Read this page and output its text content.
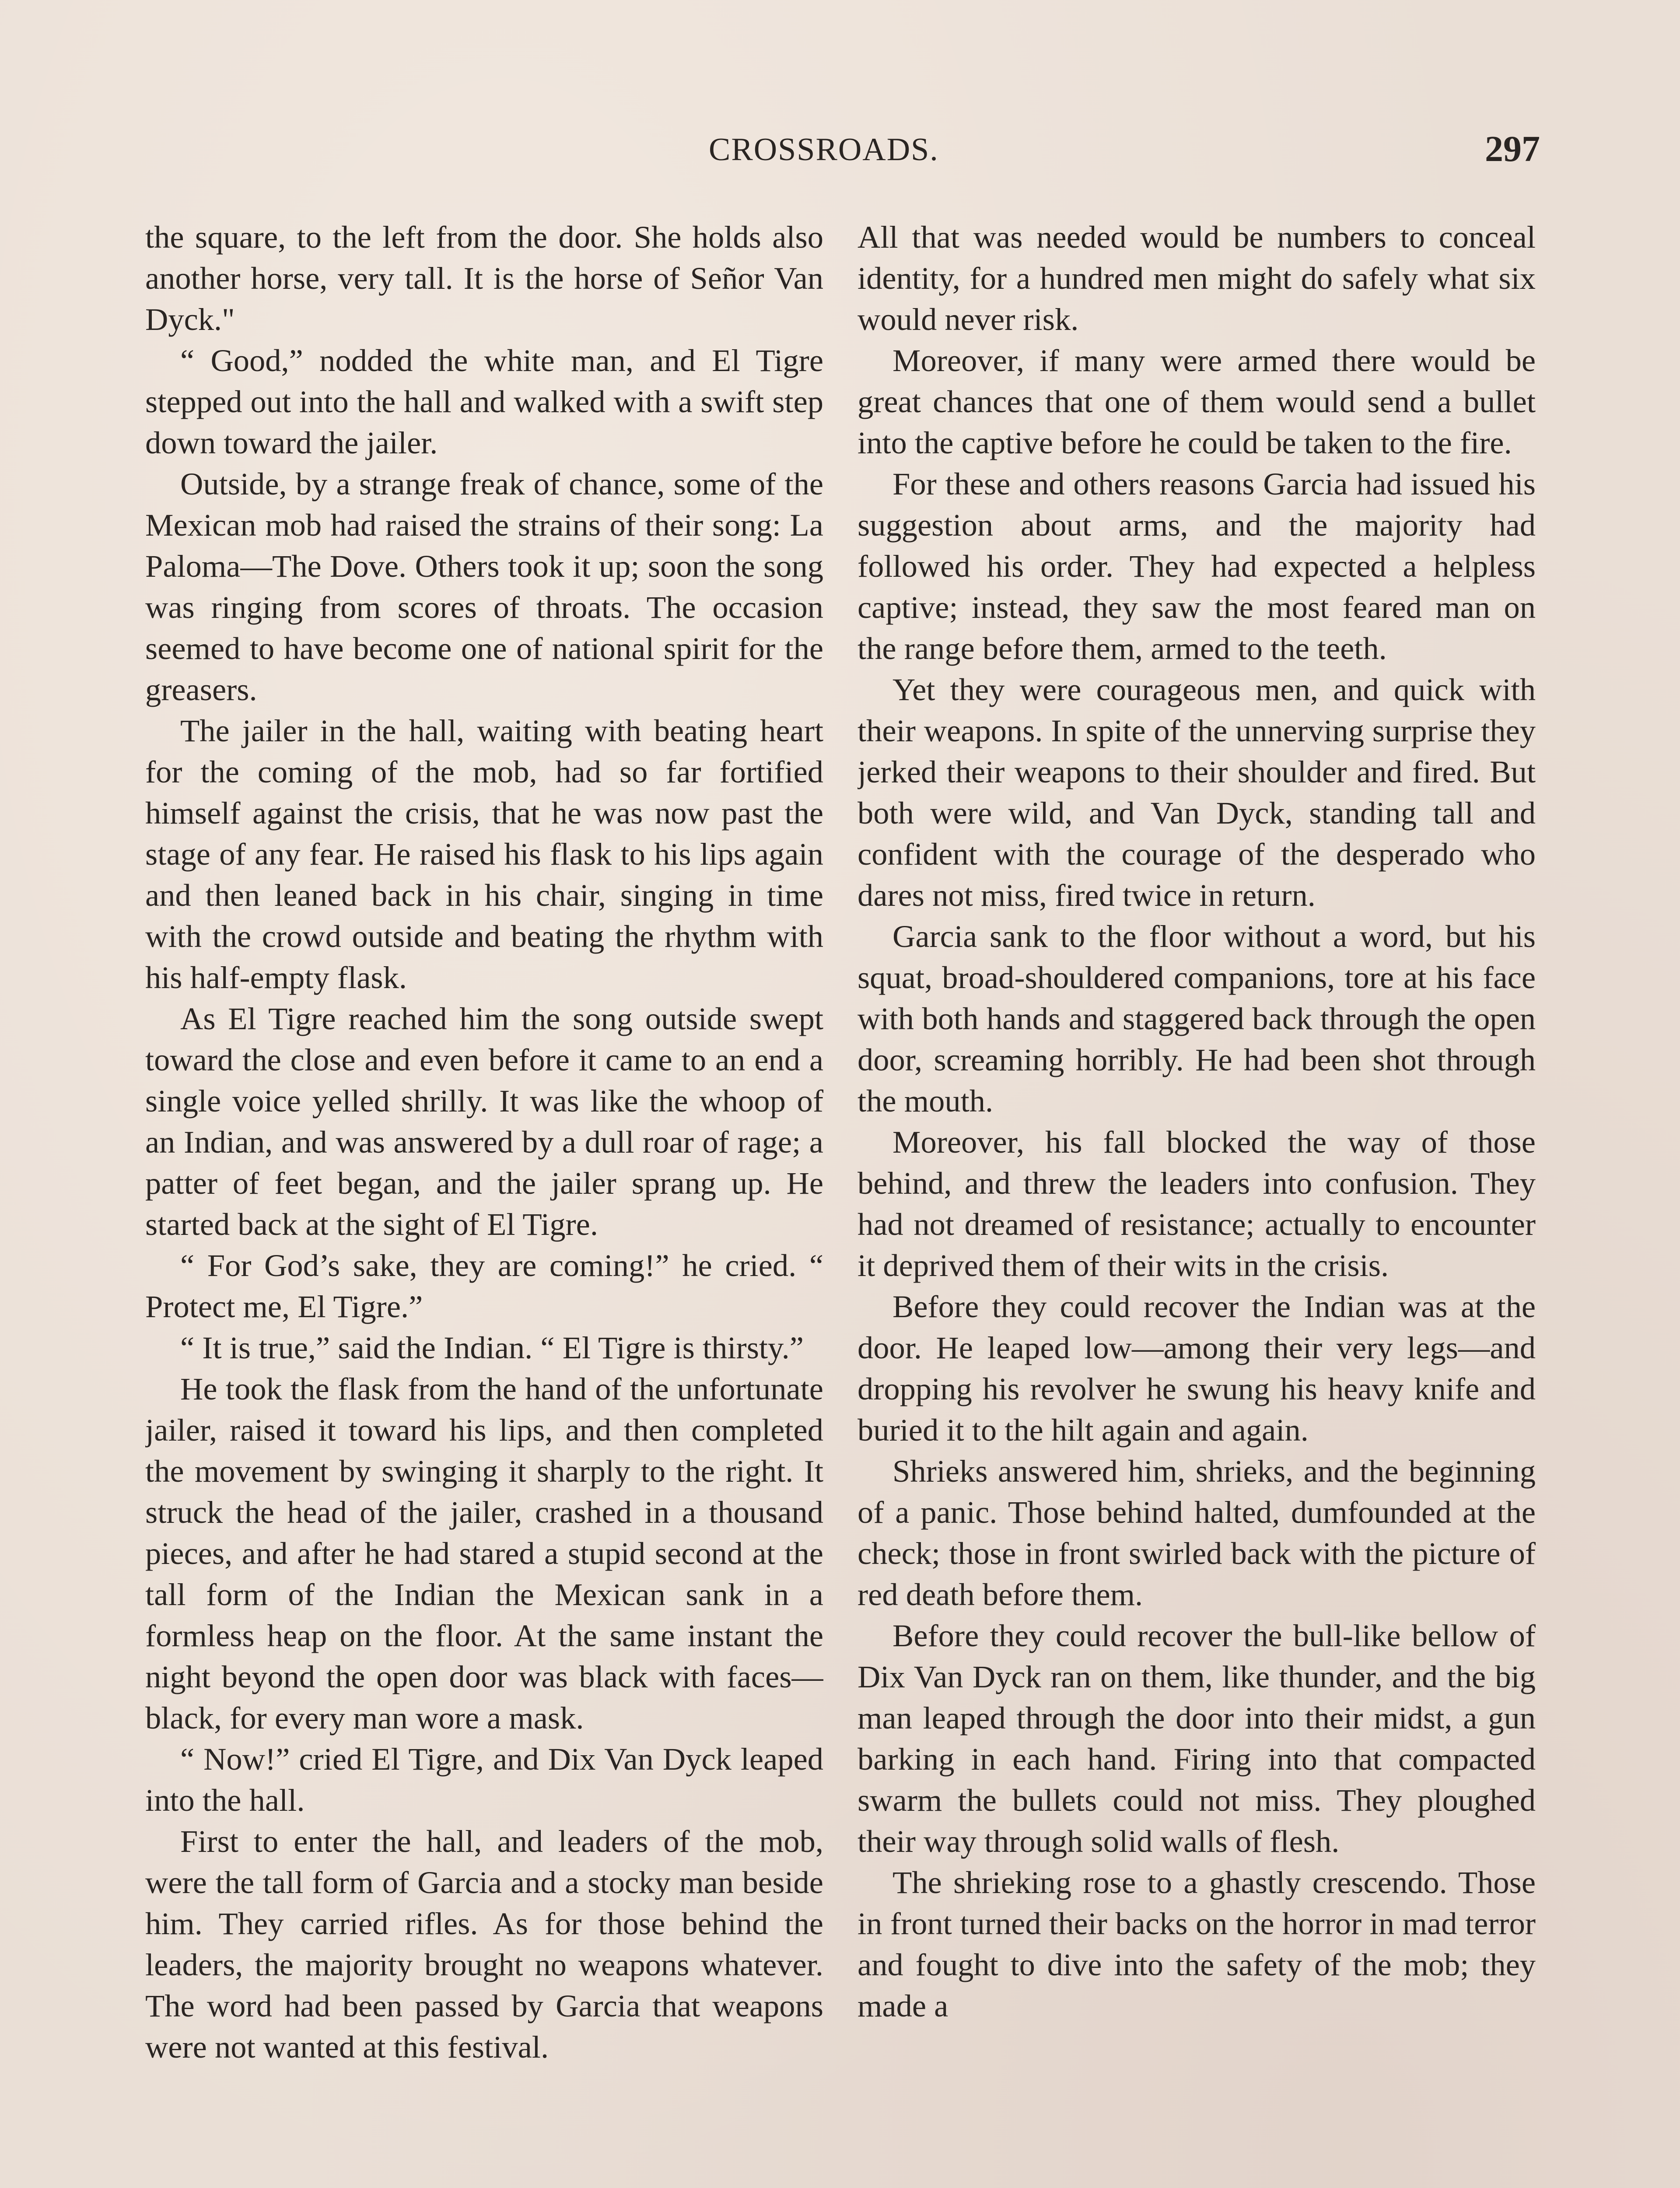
CROSSROADS.	297

the square, to the left from the door. She holds also another horse, very tall. It is the horse of Señor Van Dyck."

“ Good,” nodded the white man, and El Tigre stepped out into the hall and walked with a swift step down toward the jailer.

Outside, by a strange freak of chance, some of the Mexican mob had raised the strains of their song: La Paloma—The Dove. Others took it up; soon the song was ringing from scores of throats. The occasion seemed to have become one of national spirit for the greasers.

The jailer in the hall, waiting with beating heart for the coming of the mob, had so far fortified himself against the crisis, that he was now past the stage of any fear. He raised his flask to his lips again and then leaned back in his chair, singing in time with the crowd outside and beating the rhythm with his half-empty flask.

As El Tigre reached him the song outside swept toward the close and even before it came to an end a single voice yelled shrilly. It was like the whoop of an Indian, and was answered by a dull roar of rage; a patter of feet began, and the jailer sprang up. He started back at the sight of El Tigre.

“ For God’s sake, they are coming!” he cried. “ Protect me, El Tigre.”

“ It is true,” said the Indian. “ El Tigre is thirsty.”

He took the flask from the hand of the unfortunate jailer, raised it toward his lips, and then completed the movement by swinging it sharply to the right. It struck the head of the jailer, crashed in a thousand pieces, and after he had stared a stupid second at the tall form of the Indian the Mexican sank in a formless heap on the floor. At the same instant the night beyond the open door was black with faces—black, for every man wore a mask.

“ Now!” cried El Tigre, and Dix Van Dyck leaped into the hall.

First to enter the hall, and leaders of the mob, were the tall form of Garcia and a stocky man beside him. They carried rifles. As for those behind the leaders, the majority brought no weapons whatever. The word had been passed by Garcia that weapons were not wanted at this festival.

All that was needed would be numbers to conceal identity, for a hundred men might do safely what six would never risk.

Moreover, if many were armed there would be great chances that one of them would send a bullet into the captive before he could be taken to the fire.

For these and others reasons Garcia had issued his suggestion about arms, and the majority had followed his order. They had expected a helpless captive; instead, they saw the most feared man on the range before them, armed to the teeth.

Yet they were courageous men, and quick with their weapons. In spite of the unnerving surprise they jerked their weapons to their shoulder and fired. But both were wild, and Van Dyck, standing tall and confident with the courage of the desperado who dares not miss, fired twice in return.

Garcia sank to the floor without a word, but his squat, broad-shouldered companions, tore at his face with both hands and staggered back through the open door, screaming horribly. He had been shot through the mouth.

Moreover, his fall blocked the way of those behind, and threw the leaders into confusion. They had not dreamed of resistance; actually to encounter it deprived them of their wits in the crisis.

Before they could recover the Indian was at the door. He leaped low—among their very legs—and dropping his revolver he swung his heavy knife and buried it to the hilt again and again.

Shrieks answered him, shrieks, and the beginning of a panic. Those behind halted, dumfounded at the check; those in front swirled back with the picture of red death before them.

Before they could recover the bull-like bellow of Dix Van Dyck ran on them, like thunder, and the big man leaped through the door into their midst, a gun barking in each hand. Firing into that compacted swarm the bullets could not miss. They ploughed their way through solid walls of flesh.

The shrieking rose to a ghastly crescendo. Those in front turned their backs on the horror in mad terror and fought to dive into the safety of the mob; they made a
